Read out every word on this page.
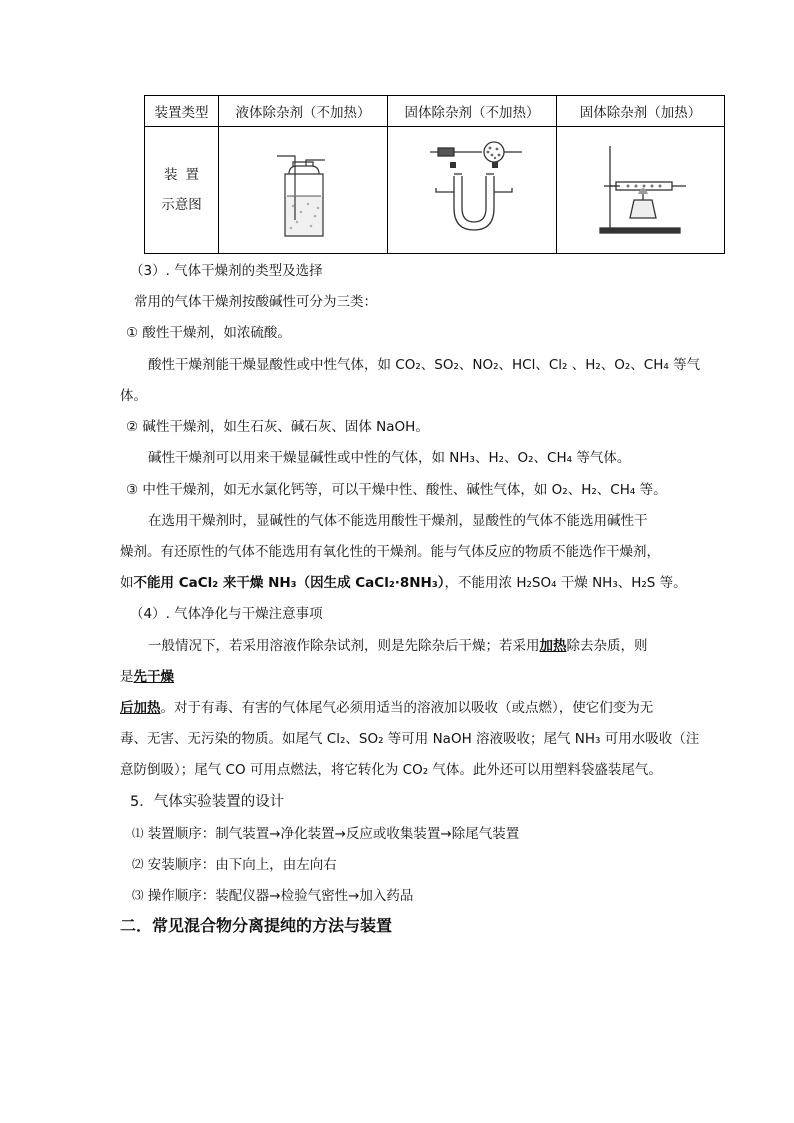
装置类型	液体除杂剂（不加热）	固体除杂剂（不加热）	固体除杂剂（加热）

装置
示意图

（3）. 气体干燥剂的类型及选择
常用的气体干燥剂按酸碱性可分为三类：
① 酸性干燥剂，如浓硫酸。
酸性干燥剂能干燥显酸性或中性气体，如 CO₂、SO₂、NO₂、HCl、Cl₂ 、H₂、O₂、CH₄ 等气
体。
② 碱性干燥剂，如生石灰、碱石灰、固体 NaOH。
碱性干燥剂可以用来干燥显碱性或中性的气体，如 NH₃、H₂、O₂、CH₄ 等气体。
③ 中性干燥剂，如无水氯化钙等，可以干燥中性、酸性、碱性气体，如 O₂、H₂、CH₄ 等。
在选用干燥剂时，显碱性的气体不能选用酸性干燥剂，显酸性的气体不能选用碱性干
燥剂。有还原性的气体不能选用有氧化性的干燥剂。能与气体反应的物质不能选作干燥剂，
如不能用 CaCl₂ 来干燥 NH₃（因生成 CaCl₂·8NH₃），不能用浓 H₂SO₄ 干燥 NH₃、H₂S 等。
（4）. 气体净化与干燥注意事项
一般情况下，若采用溶液作除杂试剂，则是先除杂后干燥；若采用加热除去杂质，则
是先干燥
后加热。对于有毒、有害的气体尾气必须用适当的溶液加以吸收（或点燃），使它们变为无
毒、无害、无污染的物质。如尾气 Cl₂、SO₂ 等可用 NaOH 溶液吸收；尾气 NH₃ 可用水吸收（注
意防倒吸）；尾气 CO 可用点燃法，将它转化为 CO₂ 气体。此外还可以用塑料袋盛装尾气。
5．气体实验装置的设计
⑴ 装置顺序：制气装置→净化装置→反应或收集装置→除尾气装置
⑵ 安装顺序：由下向上，由左向右
⑶ 操作顺序：装配仪器→检验气密性→加入药品
二．常见混合物分离提纯的方法与装置
